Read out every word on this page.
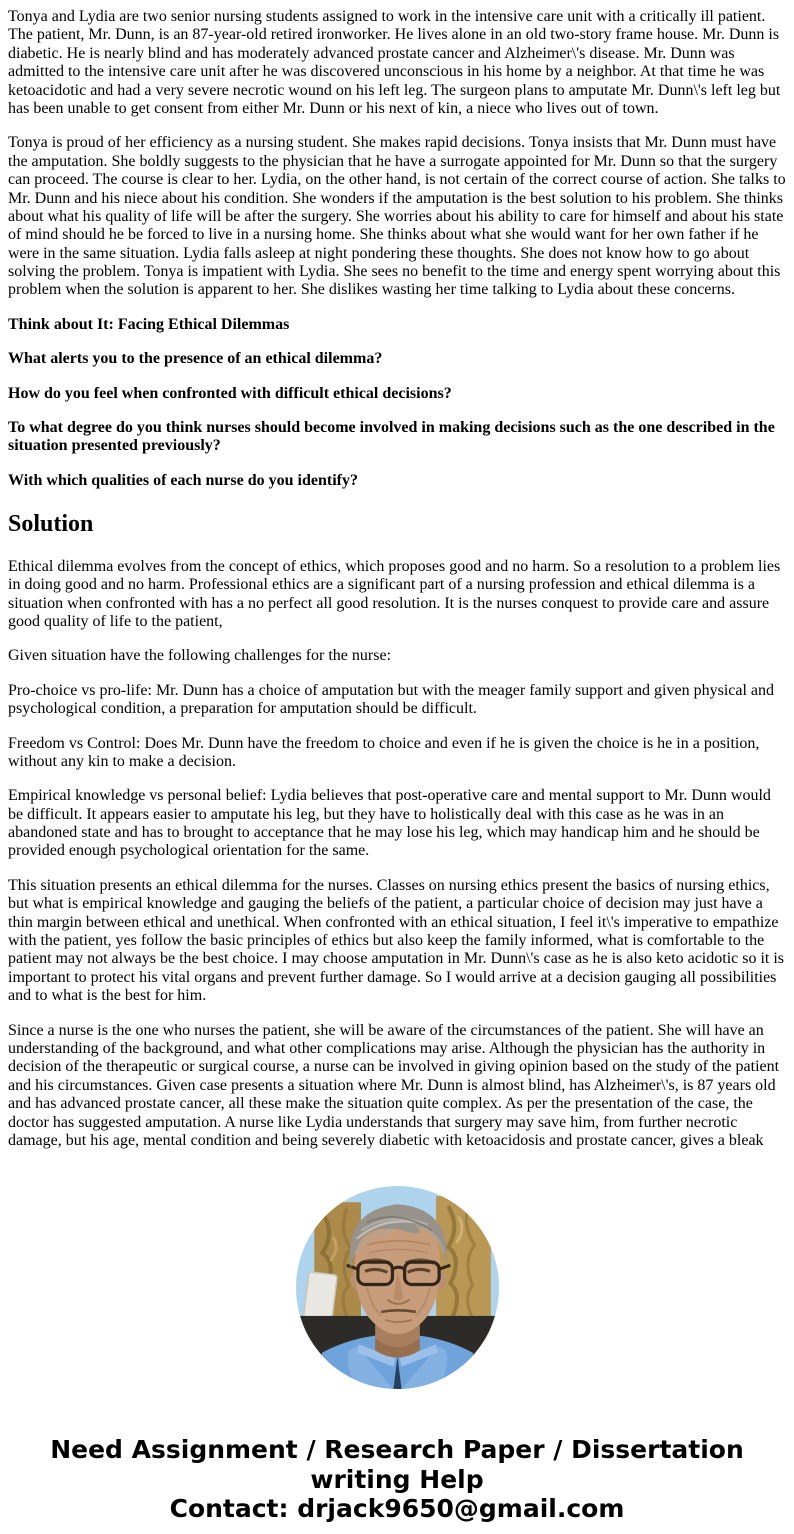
Tonya and Lydia are two senior nursing students assigned to work in the intensive care unit with a critically ill patient. The patient, Mr. Dunn, is an 87-year-old retired ironworker. He lives alone in an old two-story frame house. Mr. Dunn is diabetic. He is nearly blind and has moderately advanced prostate cancer and Alzheimer\'s disease. Mr. Dunn was admitted to the intensive care unit after he was discovered unconscious in his home by a neighbor. At that time he was ketoacidotic and had a very severe necrotic wound on his left leg. The surgeon plans to amputate Mr. Dunn\'s left leg but has been unable to get consent from either Mr. Dunn or his next of kin, a niece who lives out of town.

Tonya is proud of her efficiency as a nursing student. She makes rapid decisions. Tonya insists that Mr. Dunn must have the amputation. She boldly suggests to the physician that he have a surrogate appointed for Mr. Dunn so that the surgery can proceed. The course is clear to her. Lydia, on the other hand, is not certain of the correct course of action. She talks to Mr. Dunn and his niece about his condition. She wonders if the amputation is the best solution to his problem. She thinks about what his quality of life will be after the surgery. She worries about his ability to care for himself and about his state of mind should he be forced to live in a nursing home. She thinks about what she would want for her own father if he were in the same situation. Lydia falls asleep at night pondering these thoughts. She does not know how to go about solving the problem. Tonya is impatient with Lydia. She sees no benefit to the time and energy spent worrying about this problem when the solution is apparent to her. She dislikes wasting her time talking to Lydia about these concerns.

Think about It: Facing Ethical Dilemmas

What alerts you to the presence of an ethical dilemma?

How do you feel when confronted with difficult ethical decisions?

To what degree do you think nurses should become involved in making decisions such as the one described in the situation presented previously?

With which qualities of each nurse do you identify?

Solution

Ethical dilemma evolves from the concept of ethics, which proposes good and no harm. So a resolution to a problem lies in doing good and no harm. Professional ethics are a significant part of a nursing profession and ethical dilemma is a situation when confronted with has a no perfect all good resolution. It is the nurses conquest to provide care and assure good quality of life to the patient,

Given situation have the following challenges for the nurse:

Pro-choice vs pro-life: Mr. Dunn has a choice of amputation but with the meager family support and given physical and psychological condition, a preparation for amputation should be difficult.

Freedom vs Control: Does Mr. Dunn have the freedom to choice and even if he is given the choice is he in a position, without any kin to make a decision.

Empirical knowledge vs personal belief: Lydia believes that post-operative care and mental support to Mr. Dunn would be difficult. It appears easier to amputate his leg, but they have to holistically deal with this case as he was in an abandoned state and has to brought to acceptance that he may lose his leg, which may handicap him and he should be provided enough psychological orientation for the same.

This situation presents an ethical dilemma for the nurses. Classes on nursing ethics present the basics of nursing ethics, but what is empirical knowledge and gauging the beliefs of the patient, a particular choice of decision may just have a thin margin between ethical and unethical. When confronted with an ethical situation, I feel it\'s imperative to empathize with the patient, yes follow the basic principles of ethics but also keep the family informed, what is comfortable to the patient may not always be the best choice. I may choose amputation in Mr. Dunn\'s case as he is also keto acidotic so it is important to protect his vital organs and prevent further damage. So I would arrive at a decision gauging all possibilities and to what is the best for him.

Since a nurse is the one who nurses the patient, she will be aware of the circumstances of the patient. She will have an understanding of the background, and what other complications may arise. Although the physician has the authority in decision of the therapeutic or surgical course, a nurse can be involved in giving opinion based on the study of the patient and his circumstances. Given case presents a situation where Mr. Dunn is almost blind, has Alzheimer\'s, is 87 years old and has advanced prostate cancer, all these make the situation quite complex. As per the presentation of the case, the doctor has suggested amputation. A nurse like Lydia understands that surgery may save him, from further necrotic damage, but his age, mental condition and being severely diabetic with ketoacidosis and prostate cancer, gives a bleak

Need Assignment / Research Paper / Dissertation writing Help
Contact: drjack9650@gmail.com
